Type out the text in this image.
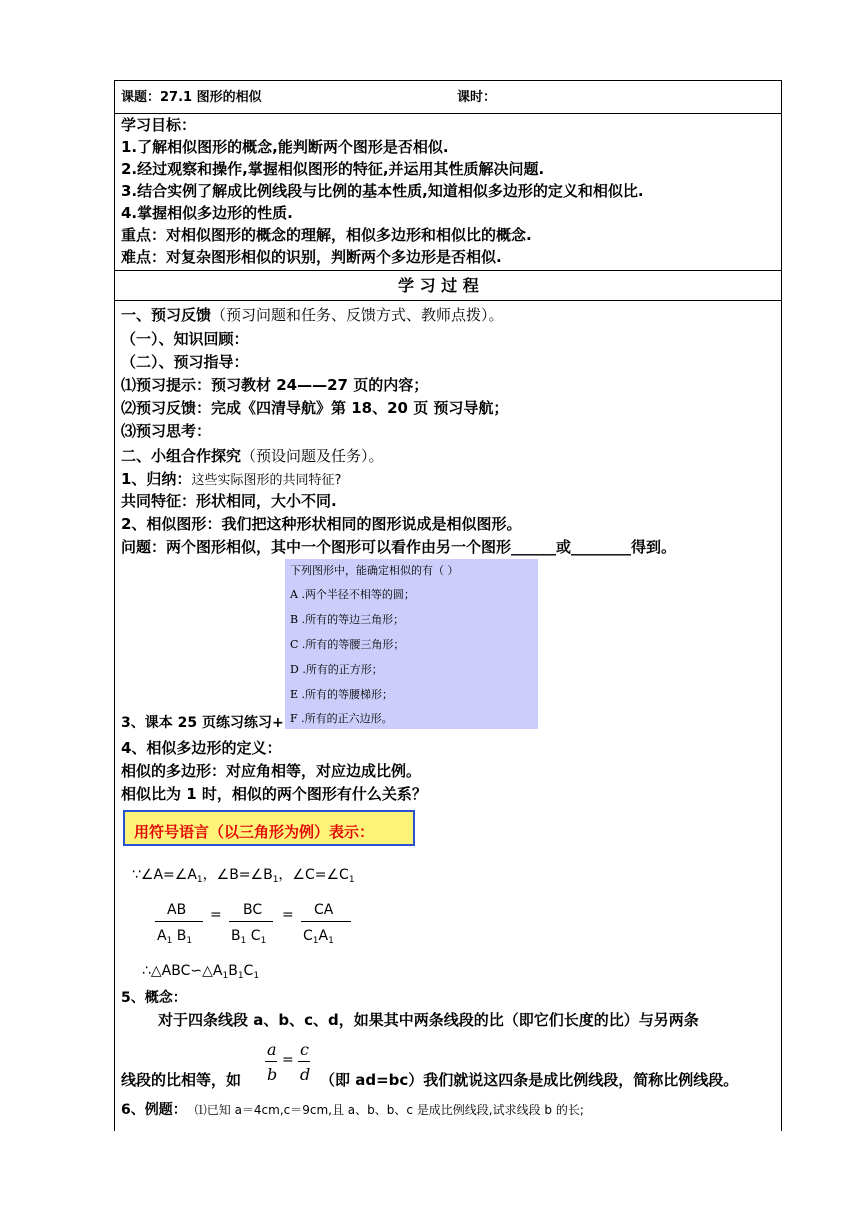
课题：27.1 图形的相似	课时：
学习目标：
1.了解相似图形的概念,能判断两个图形是否相似.
2.经过观察和操作,掌握相似图形的特征,并运用其性质解决问题.
3.结合实例了解成比例线段与比例的基本性质,知道相似多边形的定义和相似比.
4.掌握相似多边形的性质.
重点：对相似图形的概念的理解，相似多边形和相似比的概念.
难点：对复杂图形相似的识别，判断两个多边形是否相似.
学 习 过 程
一、预习反馈（预习问题和任务、反馈方式、教师点拨）。
（一）、知识回顾：
（二）、预习指导：
⑴预习提示：预习教材 24——27 页的内容；
⑵预习反馈：完成《四清导航》第 18、20 页 预习导航；
⑶预习思考：
二、小组合作探究（预设问题及任务）。
1、归纳：这些实际图形的共同特征?
共同特征：形状相同，大小不同.
2、相似图形：我们把这种形状相同的图形说成是相似图形。
问题：两个图形相似，其中一个图形可以看作由另一个图形______或________得到。
下列图形中，能确定相似的有（ ）
A .两个半径不相等的圆；
B .所有的等边三角形；
C .所有的等腰三角形；
D .所有的正方形；
E .所有的等腰梯形；
F .所有的正六边形。
3、课本 25 页练习练习+
4、相似多边形的定义：
相似的多边形：对应角相等，对应边成比例。
相似比为 1 时，相似的两个图形有什么关系？
用符号语言（以三角形为例）表示：
$\because\angle A=\angle A_1$，$\angle B=\angle B_1$，$\angle C=\angle C_1$
AB
$A_1$ $B_1$
= BC
$B_1$ $C_1$
= CA
$C_1A_1$
$\therefore\triangle ABC∽\triangle A_1B_1C_1$
5、概念：
对于四条线段 a、b、c、d，如果其中两条线段的比（即它们长度的比）与另两条
a
b
=
c
d
线段的比相等，如	（即 ad=bc）我们就说这四条是成比例线段，简称比例线段。
6、例题： ⑴已知 a＝4cm,c＝9cm,且 a、b、b、c 是成比例线段,试求线段 b 的长;
